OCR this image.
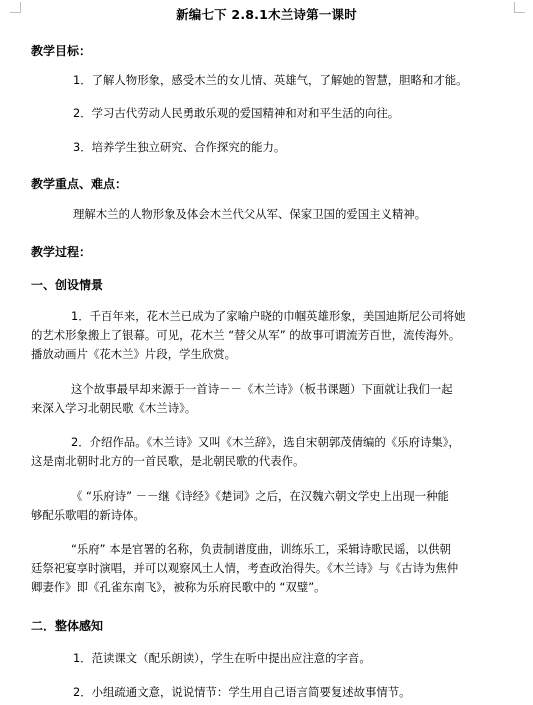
新编七下 2.8.1木兰诗第一课时
教学目标：
1．了解人物形象，感受木兰的女儿情、英雄气，了解她的智慧，胆略和才能。
2．学习古代劳动人民勇敢乐观的爱国精神和对和平生活的向往。
3．培养学生独立研究、合作探究的能力。
教学重点、难点：
理解木兰的人物形象及体会木兰代父从军、保家卫国的爱国主义精神。
教学过程：
一、创设情景
1．千百年来，花木兰已成为了家喻户晓的巾帼英雄形象，美国迪斯尼公司将她
的艺术形象搬上了银幕。可见，花木兰 “替父从军” 的故事可谓流芳百世，流传海外。
播放动画片《花木兰》片段，学生欣赏。
这个故事最早却来源于一首诗－－《木兰诗》（板书课题）下面就让我们一起
来深入学习北朝民歌《木兰诗》。
2．介绍作品。《木兰诗》又叫《木兰辞》，选自宋朝郭茂倩编的《乐府诗集》，
这是南北朝时北方的一首民歌，是北朝民歌的代表作。
《 “乐府诗” －－继《诗经》《楚词》之后，在汉魏六朝文学史上出现一种能
够配乐歌唱的新诗体。
“乐府” 本是官署的名称，负责制谱度曲，训练乐工，采辑诗歌民谣，以供朝
廷祭祀宴享时演唱，并可以观察风土人情，考查政治得失。《木兰诗》与《古诗为焦仲
卿妻作》即《孔雀东南飞》，被称为乐府民歌中的 “双璧”。
二．整体感知
1．范读课文（配乐朗读），学生在听中提出应注意的字音。
2．小组疏通文意，说说情节：学生用自己语言简要复述故事情节。
